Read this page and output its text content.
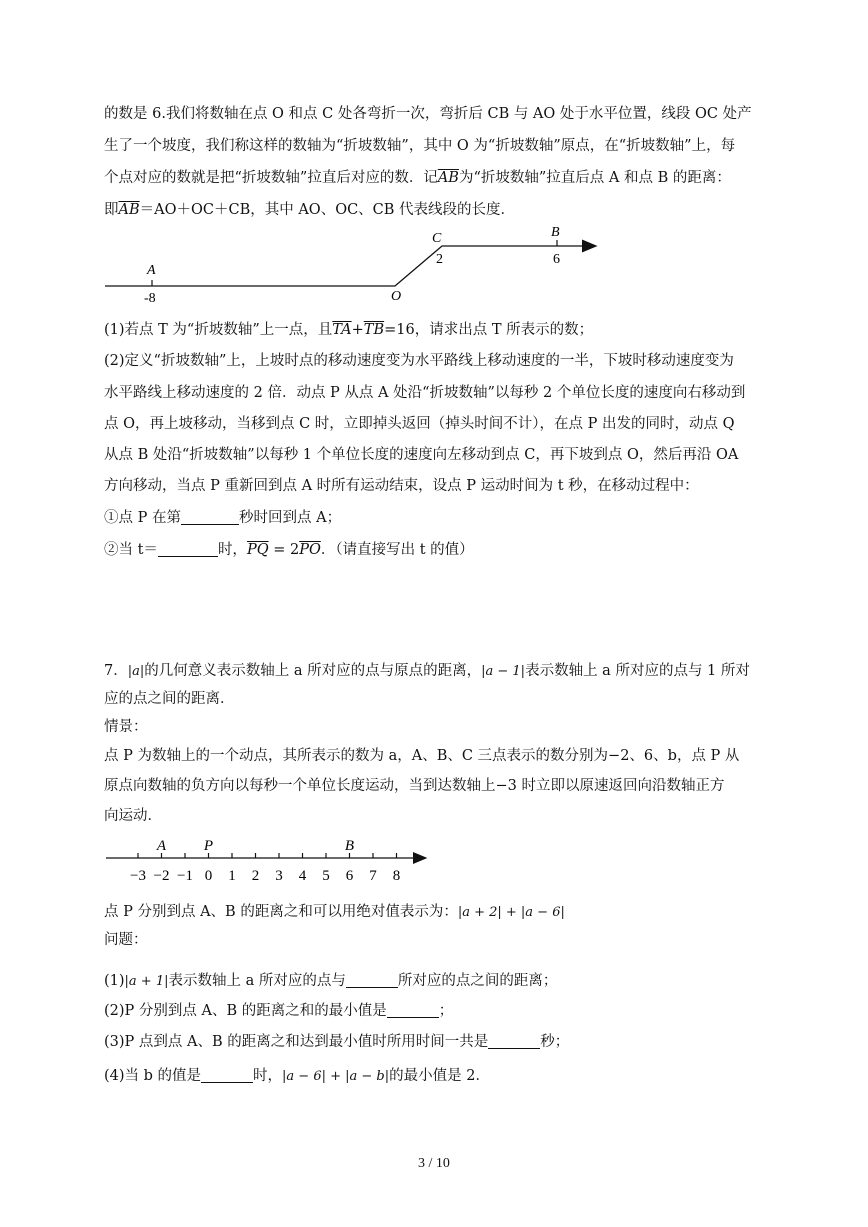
的数是 6.我们将数轴在点 O 和点 C 处各弯折一次，弯折后 CB 与 AO 处于水平位置，线段 OC 处产
生了一个坡度，我们称这样的数轴为“折坡数轴”，其中 O 为“折坡数轴”原点，在“折坡数轴”上，每
个点对应的数就是把“折坡数轴”拉直后对应的数．记$\overline{AB}$为“折坡数轴”拉直后点 A 和点 B 的距离：
即$\overline{AB}=AO+OC+CB$，其中 AO、OC、CB 代表线段的长度．
A
-8	O
C
2
B
6
(1)若点 T 为“折坡数轴”上一点，且$\overline{TA}+\overline{TB}=16$，请求出点 T 所表示的数；
(2)定义“折坡数轴”上，上坡时点的移动速度变为水平路线上移动速度的一半，下坡时移动速度变为
水平路线上移动速度的 2 倍．动点 P 从点 A 处沿“折坡数轴”以每秒 2 个单位长度的速度向右移动到
点 O，再上坡移动，当移到点 C 时，立即掉头返回（掉头时间不计），在点 P 出发的同时，动点 Q
从点 B 处沿“折坡数轴”以每秒 1 个单位长度的速度向左移动到点 C，再下坡到点 O，然后再沿 OA
方向移动，当点 P 重新回到点 A 时所有运动结束，设点 P 运动时间为 t 秒，在移动过程中：
①点 P 在第	秒时回到点 A；
②当 t＝	时，$\overline{PQ} = 2\overline{PO}$．（请直接写出 t 的值）
7．|a|的几何意义表示数轴上 a 所对应的点与原点的距离，|a − 1|表示数轴上 a 所对应的点与 1 所对
应的点之间的距离．
情景：
点 P 为数轴上的一个动点，其所表示的数为 a，A、B、C 三点表示的数分别为−2、6、b，点 P 从
原点向数轴的负方向以每秒一个单位长度运动，当到达数轴上−3 时立即以原速返回向沿数轴正方
向运动．
−3 −2 −1 0 1 2 3 4 5 6 7 8
A	P	B
点 P 分别到点 A、B 的距离之和可以用绝对值表示为：|a + 2| + |a − 6|
问题：
(1)|a + 1|表示数轴上 a 所对应的点与	所对应的点之间的距离；
(2)P 分别到点 A、B 的距离之和的最小值是	；
(3)P 点到点 A、B 的距离之和达到最小值时所用时间一共是	秒；
(4)当 b 的值是	时，|a − 6| + |a − b|的最小值是 2．
3 / 10
